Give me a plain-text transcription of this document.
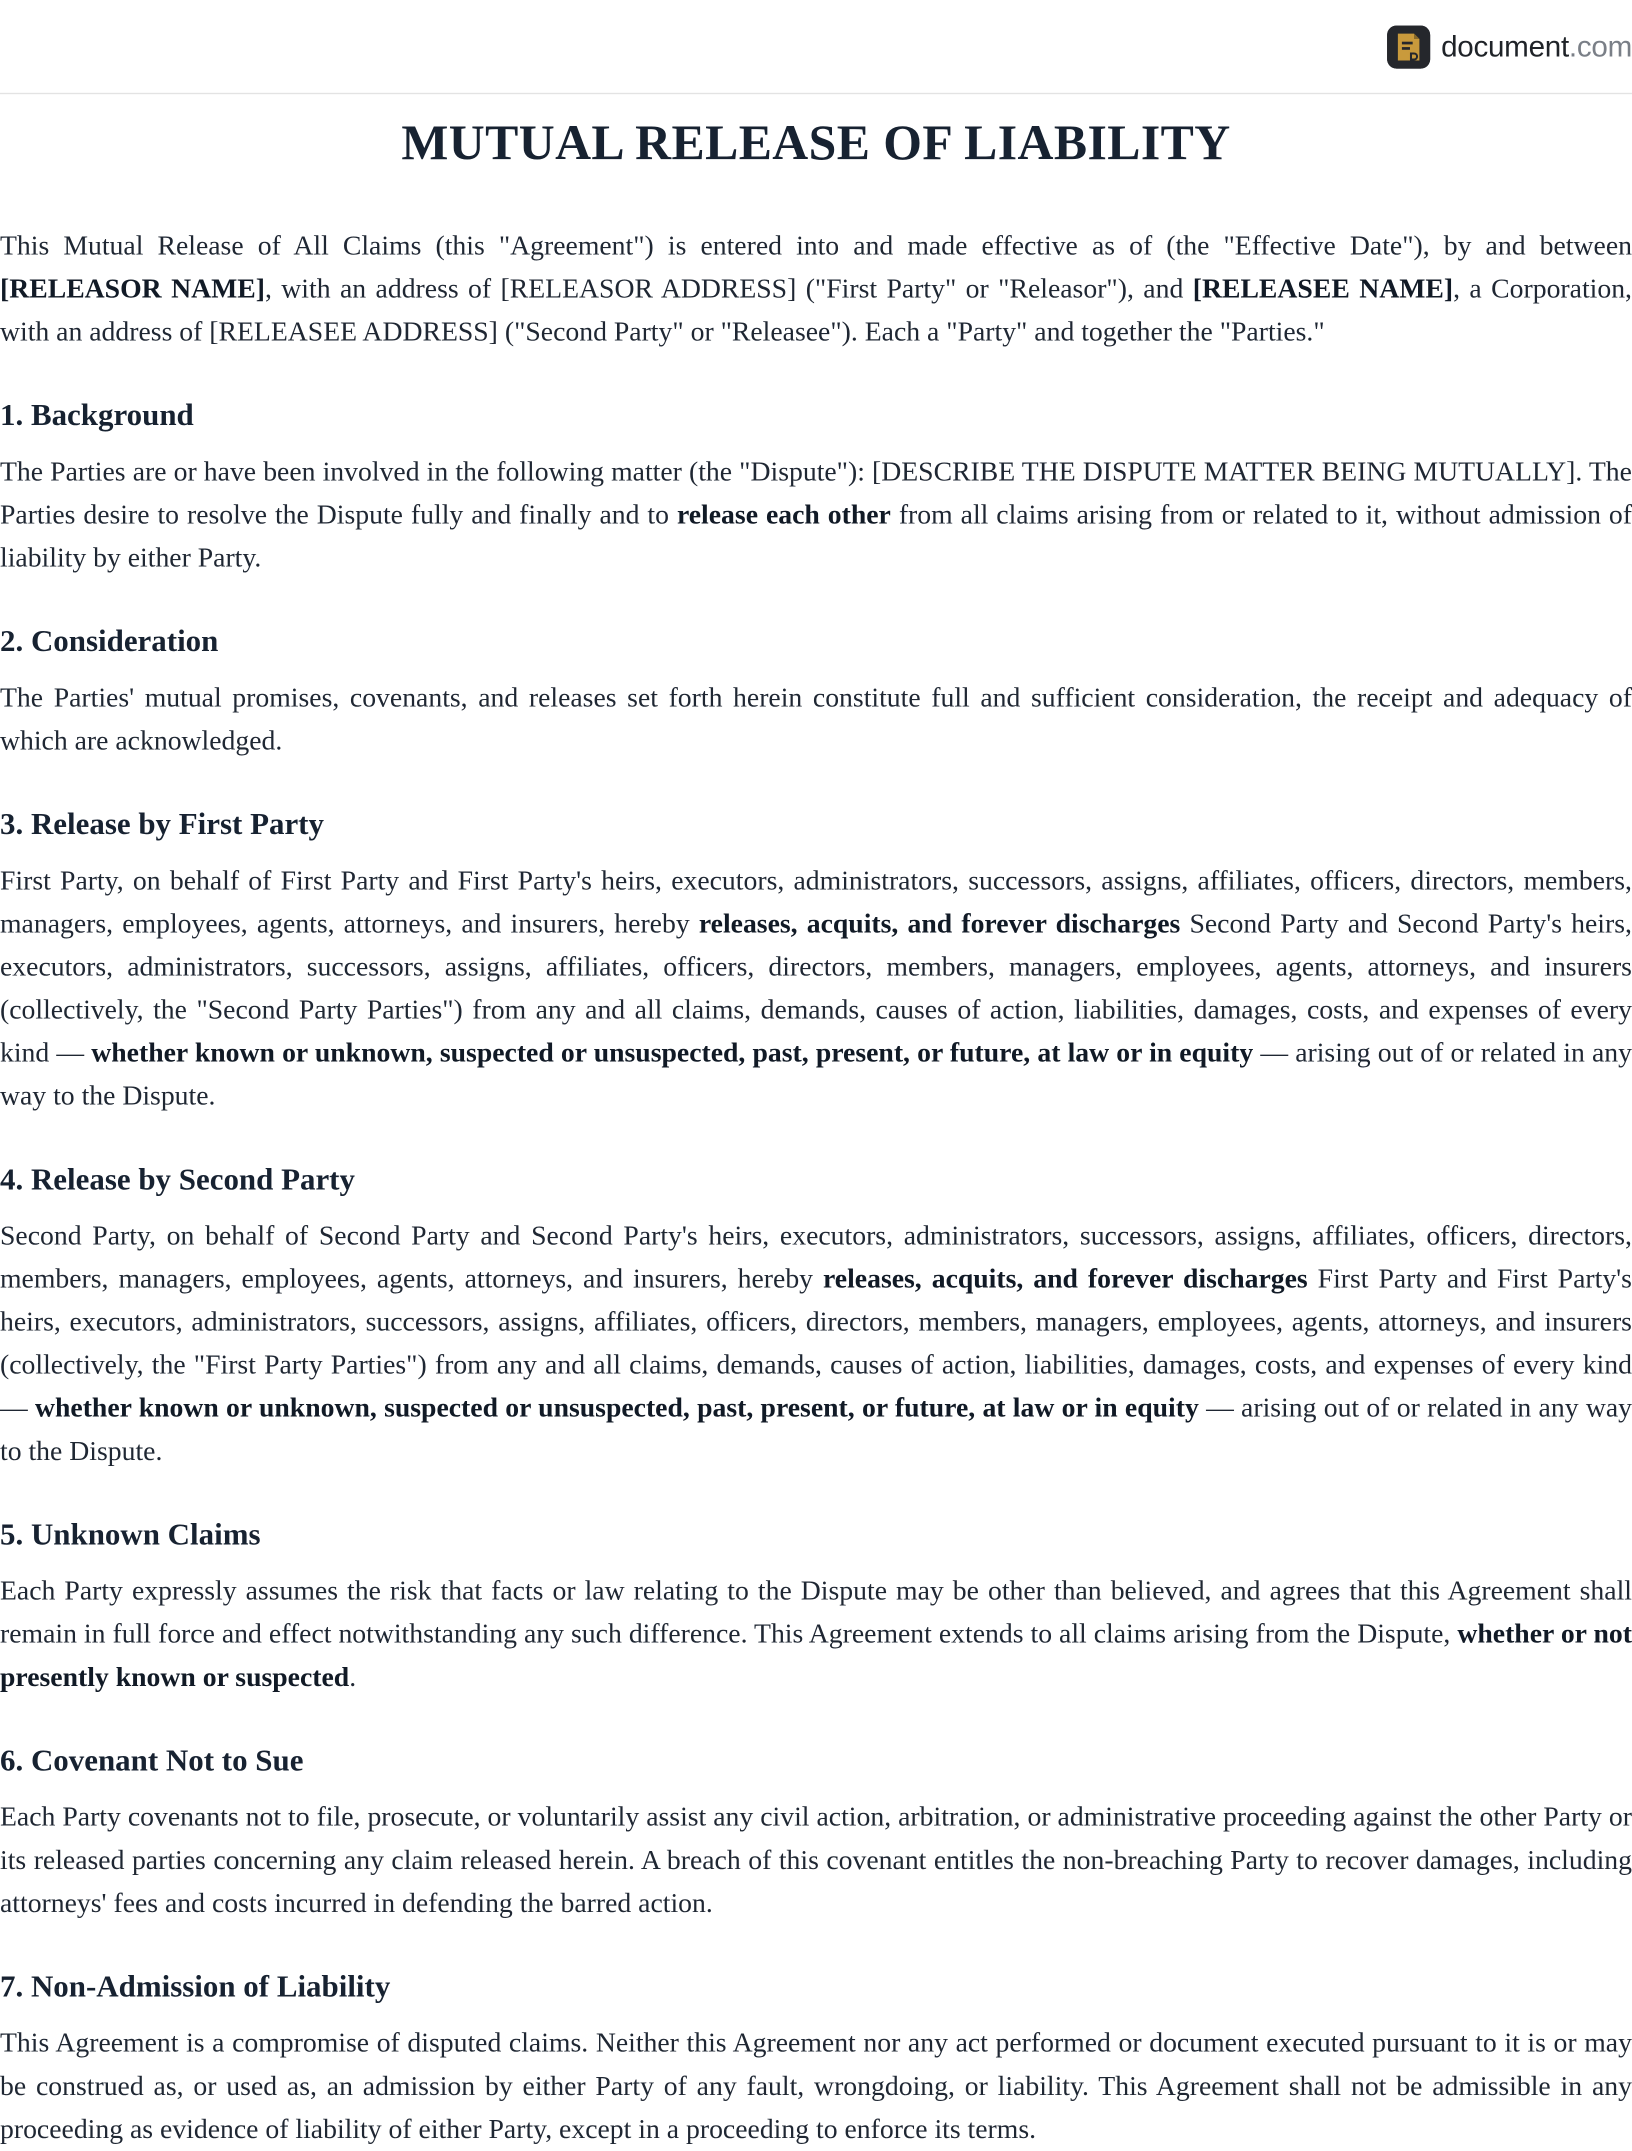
document.com
MUTUAL RELEASE OF LIABILITY

This Mutual Release of All Claims (this "Agreement") is entered into and made effective as of (the "Effective Date"), by and between [RELEASOR NAME], with an address of [RELEASOR ADDRESS] ("First Party" or "Releasor"), and [RELEASEE NAME], a Corporation, with an address of [RELEASEE ADDRESS] ("Second Party" or "Releasee"). Each a "Party" and together the "Parties."

1. Background

The Parties are or have been involved in the following matter (the "Dispute"): [DESCRIBE THE DISPUTE MATTER BEING MUTUALLY]. The Parties desire to resolve the Dispute fully and finally and to release each other from all claims arising from or related to it, without admission of liability by either Party.

2. Consideration

The Parties' mutual promises, covenants, and releases set forth herein constitute full and sufficient consideration, the receipt and adequacy of which are acknowledged.

3. Release by First Party

First Party, on behalf of First Party and First Party's heirs, executors, administrators, successors, assigns, affiliates, officers, directors, members, managers, employees, agents, attorneys, and insurers, hereby releases, acquits, and forever discharges Second Party and Second Party's heirs, executors, administrators, successors, assigns, affiliates, officers, directors, members, managers, employees, agents, attorneys, and insurers (collectively, the "Second Party Parties") from any and all claims, demands, causes of action, liabilities, damages, costs, and expenses of every kind — whether known or unknown, suspected or unsuspected, past, present, or future, at law or in equity — arising out of or related in any way to the Dispute.

4. Release by Second Party

Second Party, on behalf of Second Party and Second Party's heirs, executors, administrators, successors, assigns, affiliates, officers, directors, members, managers, employees, agents, attorneys, and insurers, hereby releases, acquits, and forever discharges First Party and First Party's heirs, executors, administrators, successors, assigns, affiliates, officers, directors, members, managers, employees, agents, attorneys, and insurers (collectively, the "First Party Parties") from any and all claims, demands, causes of action, liabilities, damages, costs, and expenses of every kind — whether known or unknown, suspected or unsuspected, past, present, or future, at law or in equity — arising out of or related in any way to the Dispute.

5. Unknown Claims

Each Party expressly assumes the risk that facts or law relating to the Dispute may be other than believed, and agrees that this Agreement shall remain in full force and effect notwithstanding any such difference. This Agreement extends to all claims arising from the Dispute, whether or not presently known or suspected.

6. Covenant Not to Sue

Each Party covenants not to file, prosecute, or voluntarily assist any civil action, arbitration, or administrative proceeding against the other Party or its released parties concerning any claim released herein. A breach of this covenant entitles the non-breaching Party to recover damages, including attorneys' fees and costs incurred in defending the barred action.

7. Non-Admission of Liability

This Agreement is a compromise of disputed claims. Neither this Agreement nor any act performed or document executed pursuant to it is or may be construed as, or used as, an admission by either Party of any fault, wrongdoing, or liability. This Agreement shall not be admissible in any proceeding as evidence of liability of either Party, except in a proceeding to enforce its terms.
